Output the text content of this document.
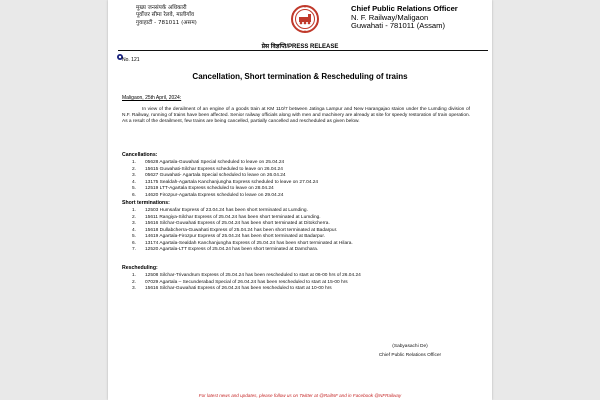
मुख्य जनसंपर्क अधिकारी
पूर्वोत्तर सीमा रेलवे, मालीगाँव
गुवाहाटी - 781011 (असम)
Chief Public Relations Officer
N. F. Railway/Maligaon
Guwahati - 781011 (Assam)
प्रेस विज्ञप्ति/PRESS RELEASE
No. 121
Cancellation, Short termination & Rescheduling of trains
Maligaon, 25th April, 2024:
In view of the derailment of an engine of a goods train at KM 110/7 between Jatinga Lampur and New Harangajao staion under the Lumding division of N.F. Railway, running of trains have been affected. Senior railway officials along with men and machinery are already at site for speedy restoration of train operation. As a result of the derailment, few trains are being cancelled, partially cancelled and rescheduled as given below.
Cancellations:
1. 05628 Agartala-Guwahati Special scheduled to leave on 25.04.24
2. 15615 Guwahati-Silchar Express scheduled to leave on 26.04.24
3. 05627 Guwahati- Agartala Special scheduled to leave on 26.04.24
4. 13175 Sealdah-Agartala Kanchanjungha Express scheduled to leave on 27.04.24
5. 12519 LTT-Agartala Express scheduled to leave on 28.04.24
6. 14620 Firozpur-Agartala Express scheduled to leave on 29.04.24
Short terminations:
1. 12503 Humsafar Express of 23.04.24 has been short terminated at Lumding.
2. 15611 Rangiya-Silchar Express of 25.04.24 has been short terminated at Lumding.
3. 15616 Silchar-Guwahati Express of 25.04.24 has been short terminated at Ditokcherra.
4. 15618 Dullabcherra-Guwahati Express of 25.04.24 has been short terminated at Badarpur.
5. 14619 Agartala-Firozpur Express of 25.04.24 has been short terminated at Badarpur.
6. 13174 Agartala-Sealdah Kanchanjungha Express of 25.04.24 has been short terminated at Hilara.
7. 12520 Agartala-LTT Express of 25.04.24 has been short terminated at Damchara.
Rescheduling:
1. 12508 Silchar-Trivandrum Express of 25.04.24 has been rescheduled to start at 06-00 hrs of 26.04.24
2. 07029 Agartala – Secunderabad Special of 26.04.24 has been rescheduled to start at 15-00 hrs
3. 15616 Silchar-Guwahati Express of 26.04.24 has been rescheduled to start at 10-00 hrs
(Sabyasachi De)
Chief Public Relations Officer
For latest news and updates, please follow us on Twitter at @RailNF and in Facebook @NFRailway
